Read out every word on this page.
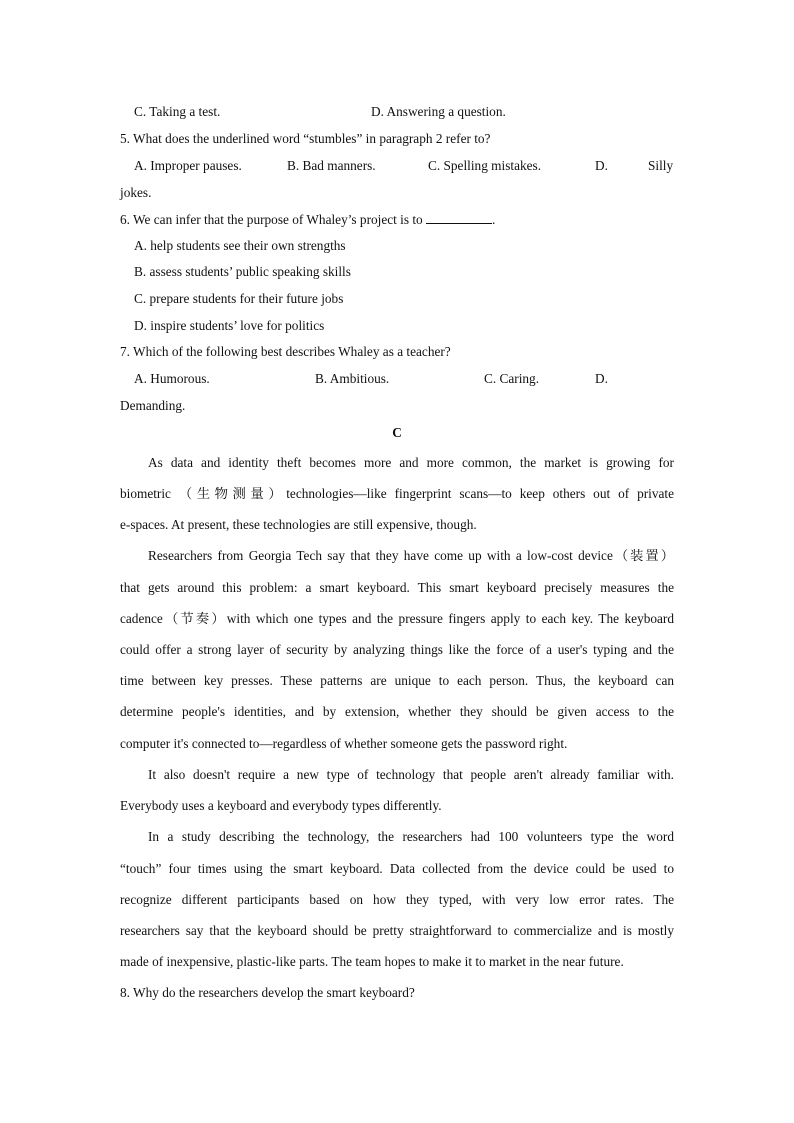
C. Taking a test.	D. Answering a question.
5. What does the underlined word “stumbles” in paragraph 2 refer to?
A. Improper pauses.	B. Bad manners.	C. Spelling mistakes.	D.	Silly
jokes.
6. We can infer that the purpose of Whaley’s project is to	.
A. help students see their own strengths
B. assess students’ public speaking skills
C. prepare students for their future jobs
D. inspire students’ love for politics
7. Which of the following best describes Whaley as a teacher?
A. Humorous.	B. Ambitious.	C. Caring.	D.
Demanding.
C
As data and identity theft becomes more and more common, the market is growing for
biometric （生物测量）technologies—like fingerprint scans—to keep others out of private
e-spaces. At present, these technologies are still expensive, though.
Researchers from Georgia Tech say that they have come up with a low-cost device（装置）
that gets around this problem: a smart keyboard. This smart keyboard precisely measures the
cadence（节奏）with which one types and the pressure fingers apply to each key. The keyboard
could offer a strong layer of security by analyzing things like the force of a user's typing and the
time between key presses. These patterns are unique to each person. Thus, the keyboard can
determine people's identities, and by extension, whether they should be given access to the
computer it's connected to—regardless of whether someone gets the password right.
It also doesn't require a new type of technology that people aren't already familiar with.
Everybody uses a keyboard and everybody types differently.
In a study describing the technology, the researchers had 100 volunteers type the word
“touch” four times using the smart keyboard. Data collected from the device could be used to
recognize different participants based on how they typed, with very low error rates. The
researchers say that the keyboard should be pretty straightforward to commercialize and is mostly
made of inexpensive, plastic-like parts. The team hopes to make it to market in the near future.
8. Why do the researchers develop the smart keyboard?
